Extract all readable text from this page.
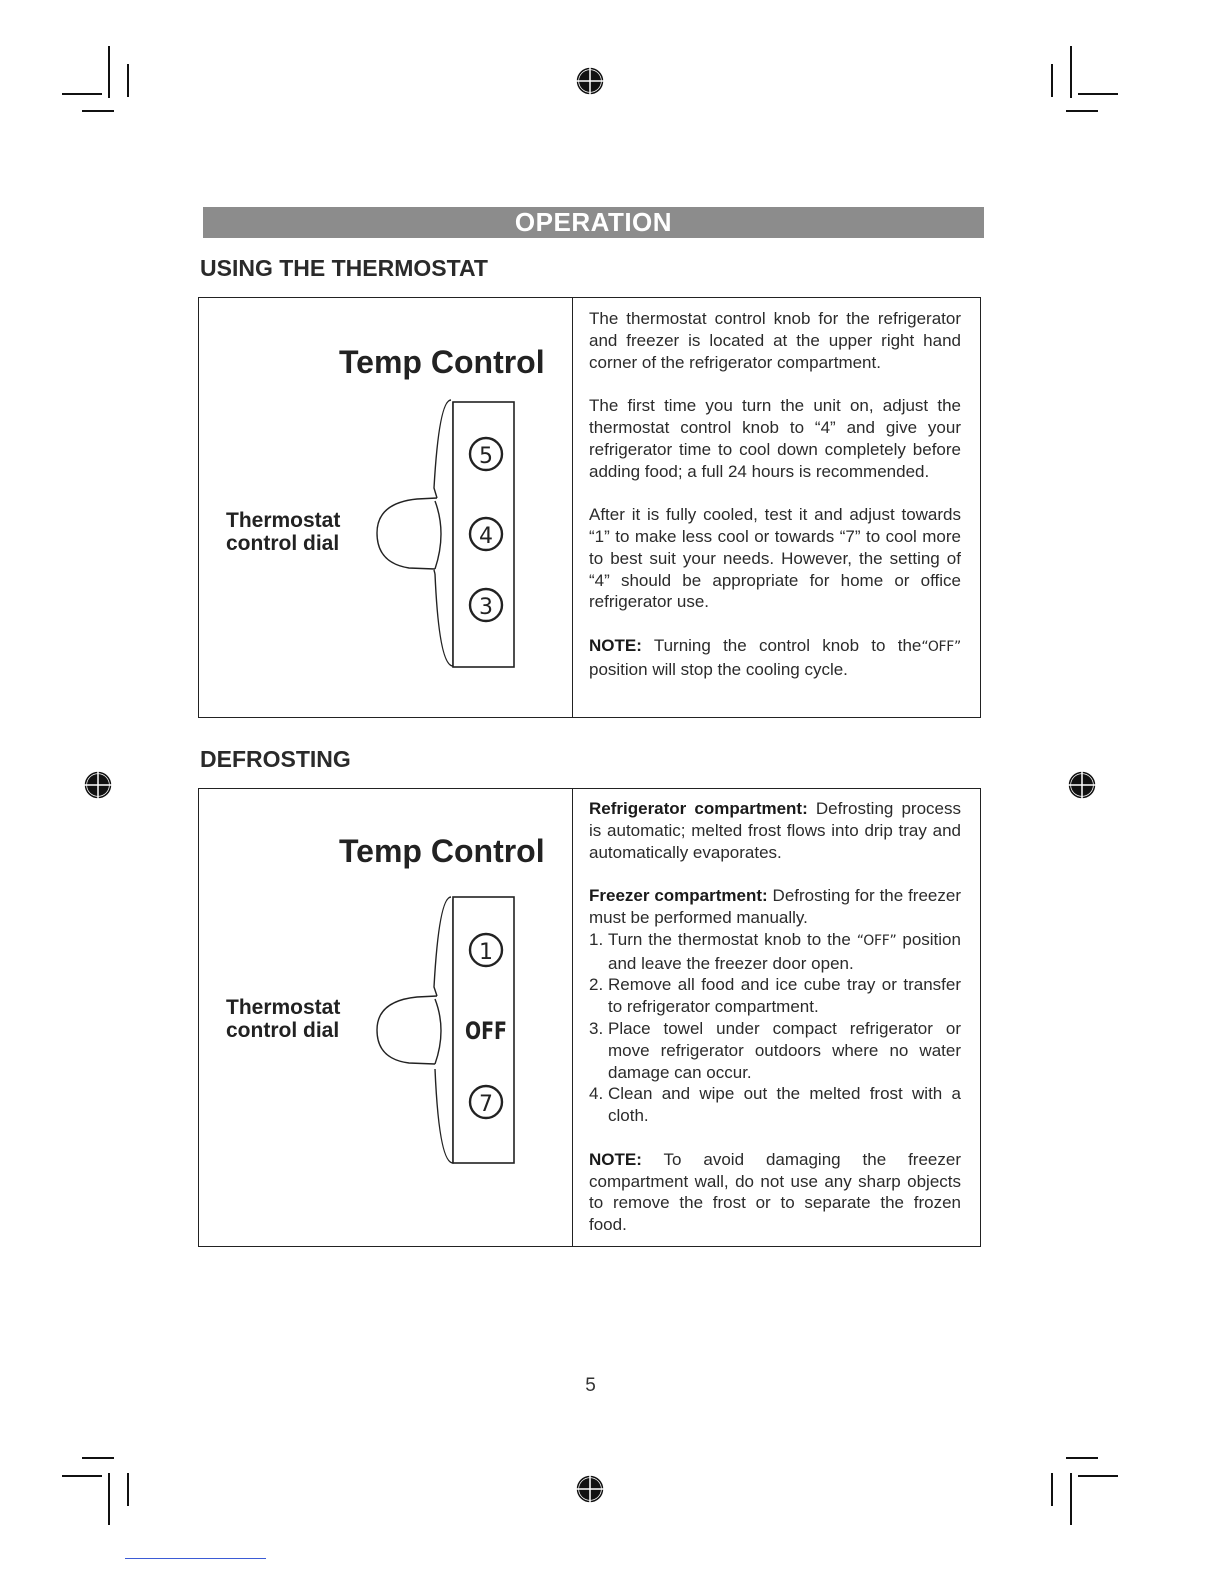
OPERATION
USING THE THERMOSTAT
Temp Control
Thermostat
control dial
5
4
3

The thermostat control knob for the refrigerator and freezer is located at the upper right hand corner of the refrigerator compartment.

The first time you turn the unit on, adjust the thermostat control knob to “4” and give your refrigerator time to cool down completely before adding food; a full 24 hours is recommended.

After it is fully cooled, test it and adjust towards “1” to make less cool or towards “7” to cool more to best suit your needs. However, the setting of “4” should be appropriate for home or office refrigerator use.

NOTE: Turning the control knob to the“OFF” position will stop the cooling cycle.

DEFROSTING
Temp Control
Thermostat
control dial
1
OFF
7

Refrigerator compartment: Defrosting process is automatic; melted frost flows into drip tray and automatically evaporates.

Freezer compartment: Defrosting for the freezer must be performed manually.

1. Turn the thermostat knob to the “OFF” position and leave the freezer door open.
2. Remove all food and ice cube tray or transfer to refrigerator compartment.
3. Place towel under compact refrigerator or move refrigerator outdoors where no water damage can occur.
4. Clean and wipe out the melted frost with a cloth.

NOTE: To avoid damaging the freezer compartment wall, do not use any sharp objects to remove the frost or to separate the frozen food.

5
